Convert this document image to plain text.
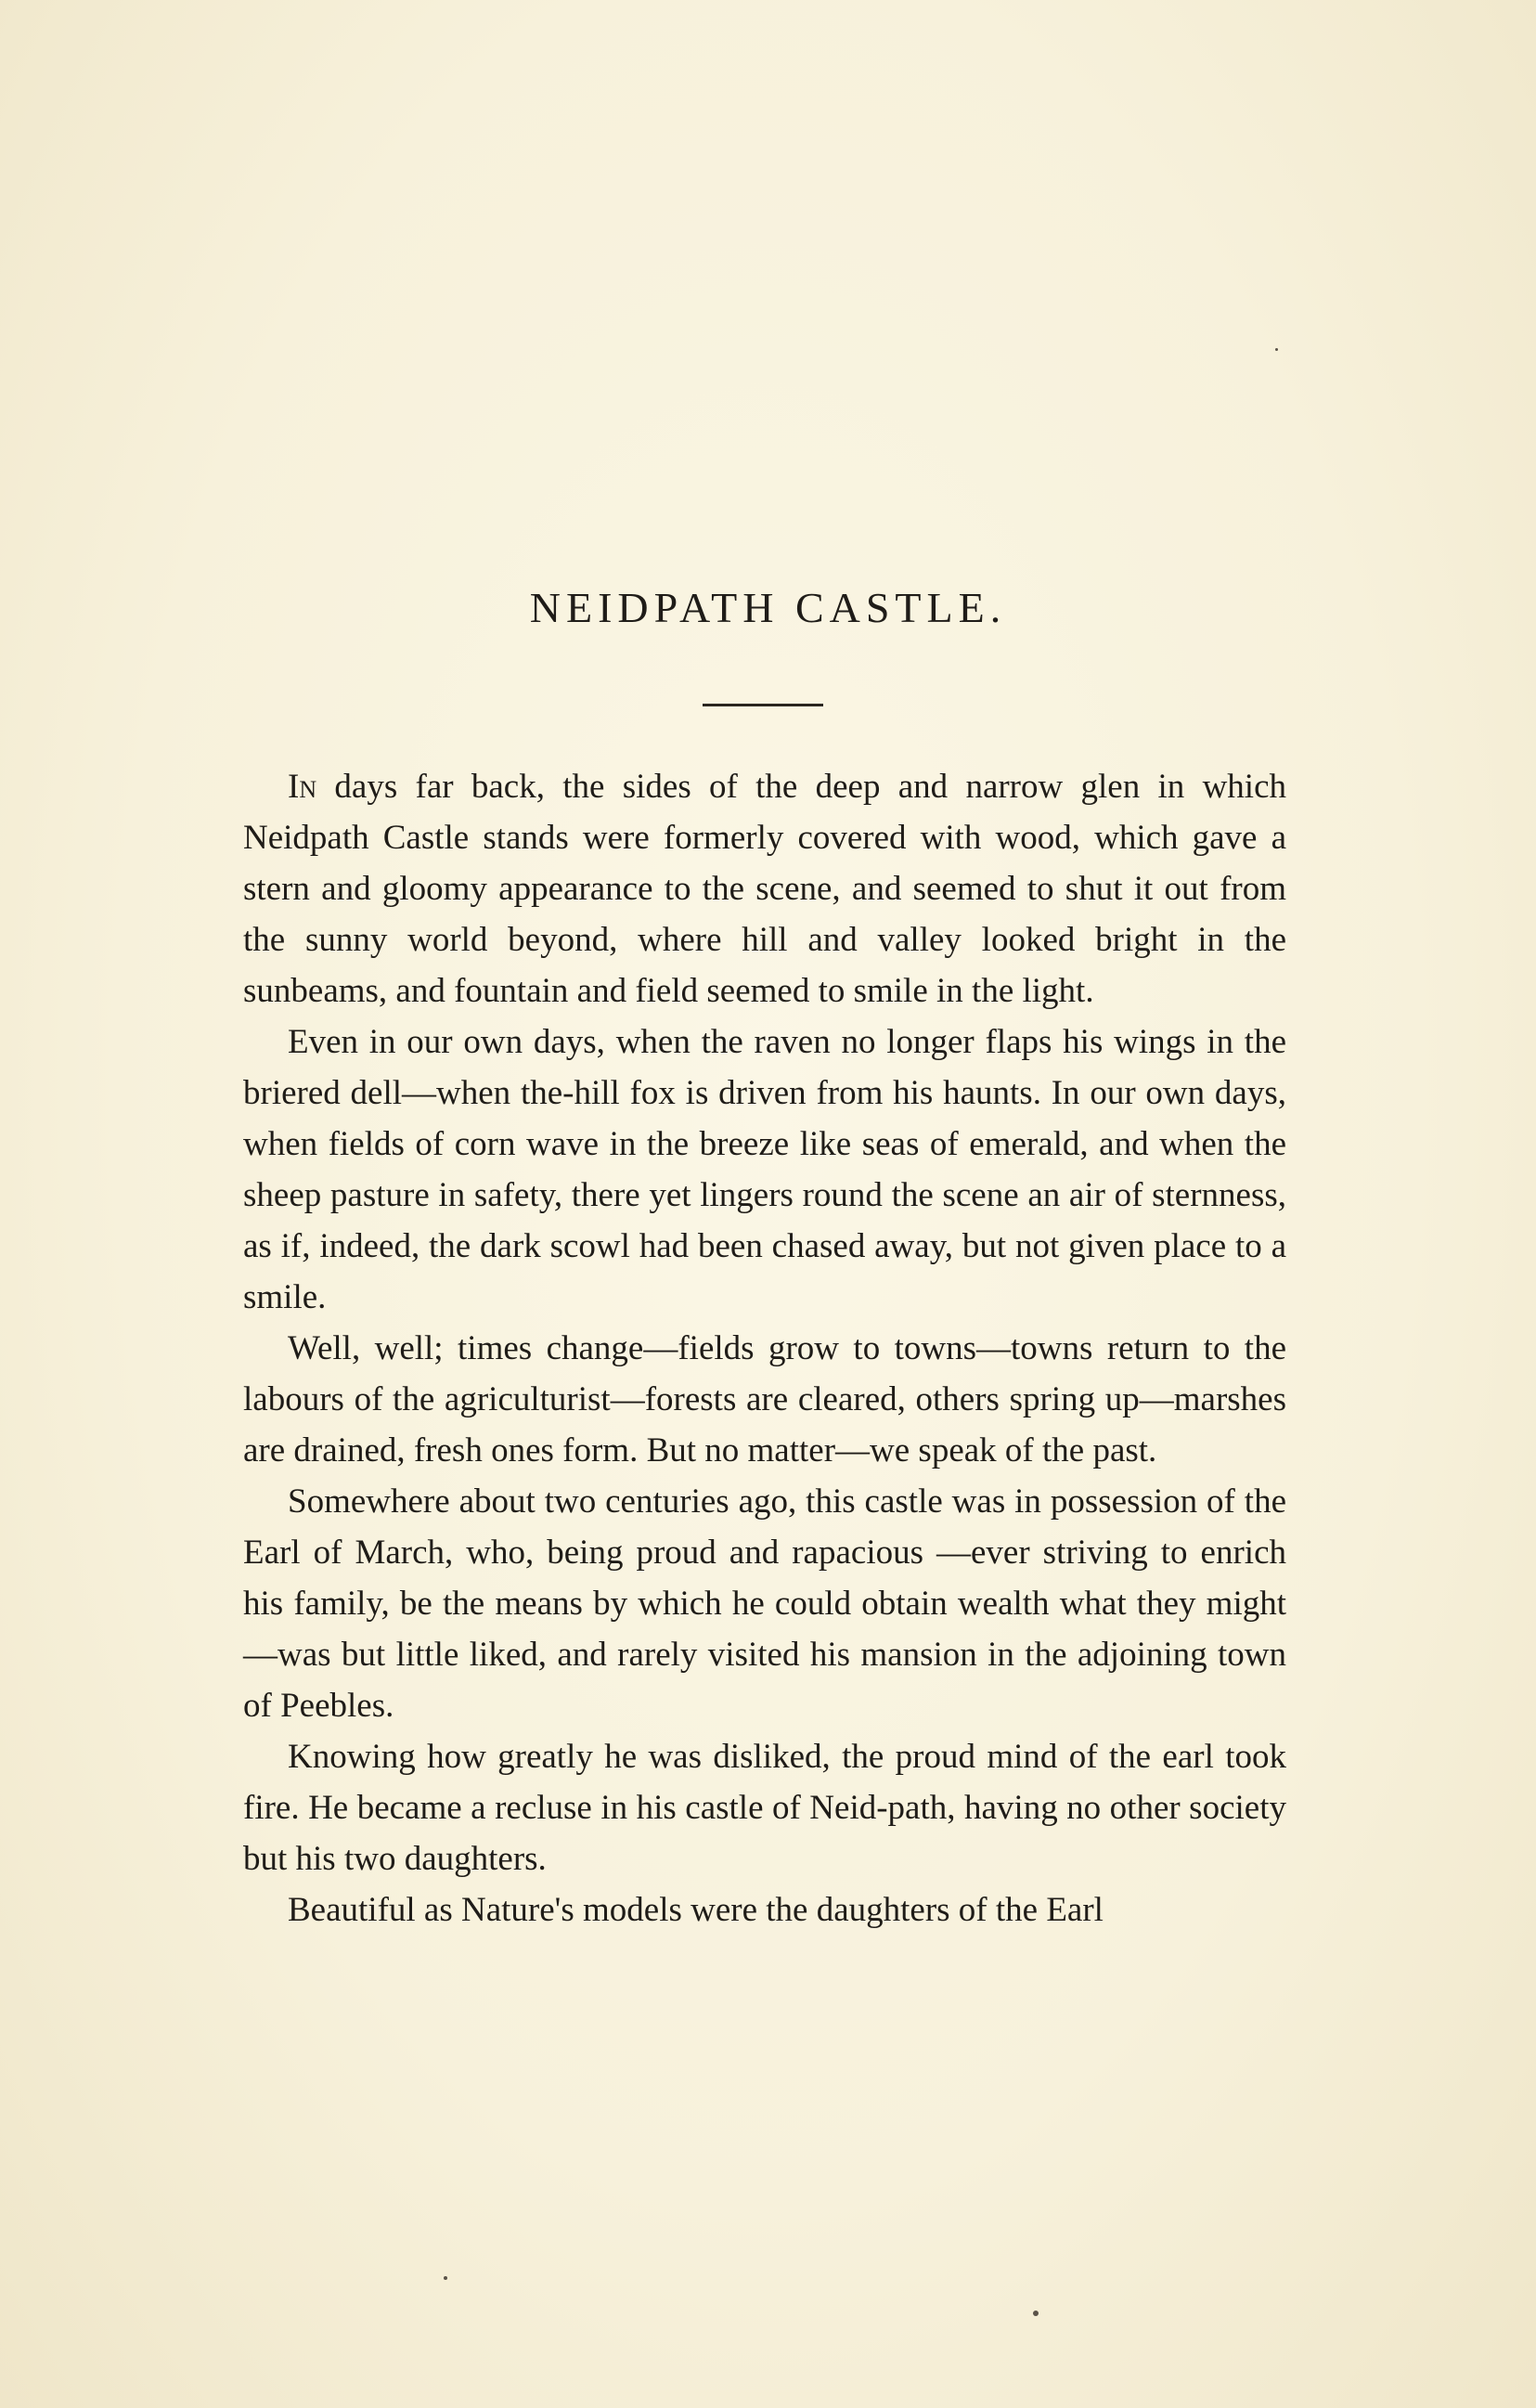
NEIDPATH CASTLE.

In days far back, the sides of the deep and narrow glen in which Neidpath Castle stands were formerly covered with wood, which gave a stern and gloomy appearance to the scene, and seemed to shut it out from the sunny world beyond, where hill and valley looked bright in the sunbeams, and fountain and field seemed to smile in the light.

Even in our own days, when the raven no longer flaps his wings in the briered dell—when the-hill fox is driven from his haunts. In our own days, when fields of corn wave in the breeze like seas of emerald, and when the sheep pasture in safety, there yet lingers round the scene an air of sternness, as if, indeed, the dark scowl had been chased away, but not given place to a smile.

Well, well; times change—fields grow to towns—towns return to the labours of the agriculturist—forests are cleared, others spring up—marshes are drained, fresh ones form. But no matter—we speak of the past.

Somewhere about two centuries ago, this castle was in possession of the Earl of March, who, being proud and rapacious —ever striving to enrich his family, be the means by which he could obtain wealth what they might—was but little liked, and rarely visited his mansion in the adjoining town of Peebles.

Knowing how greatly he was disliked, the proud mind of the earl took fire. He became a recluse in his castle of Neid-path, having no other society but his two daughters.

Beautiful as Nature's models were the daughters of the Earl
